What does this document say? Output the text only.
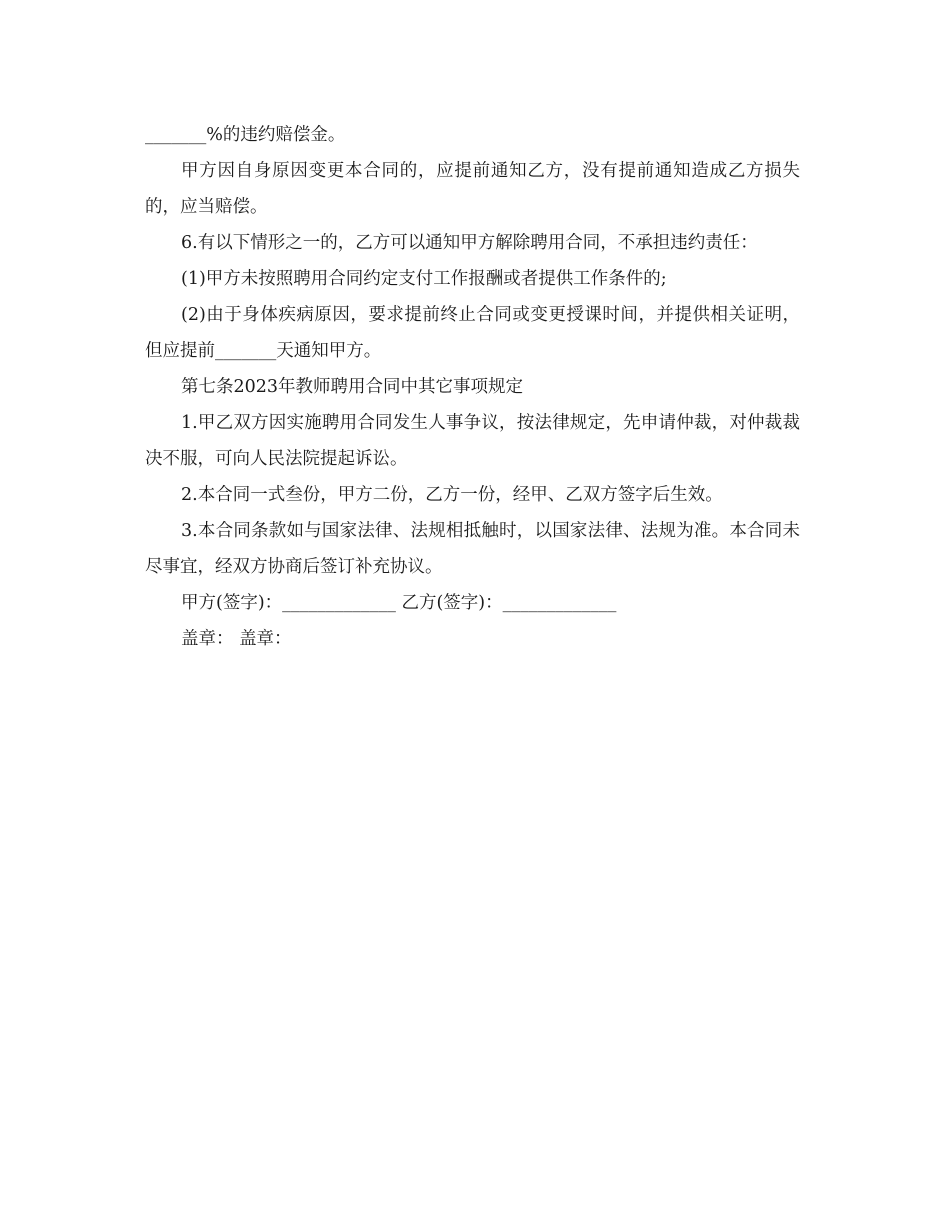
_______%的违约赔偿金。

甲方因自身原因变更本合同的，应提前通知乙方，没有提前通知造成乙方损失的，应当赔偿。

6.有以下情形之一的，乙方可以通知甲方解除聘用合同，不承担违约责任：

(1)甲方未按照聘用合同约定支付工作报酬或者提供工作条件的;

(2)由于身体疾病原因，要求提前终止合同或变更授课时间，并提供相关证明，但应提前_______天通知甲方。

第七条2023年教师聘用合同中其它事项规定

1.甲乙双方因实施聘用合同发生人事争议，按法律规定，先申请仲裁，对仲裁裁决不服，可向人民法院提起诉讼。

2.本合同一式叁份，甲方二份，乙方一份，经甲、乙双方签字后生效。

3.本合同条款如与国家法律、法规相抵触时，以国家法律、法规为准。本合同未尽事宜，经双方协商后签订补充协议。

甲方(签字)：_____________ 乙方(签字)：_____________

盖章： 盖章：
